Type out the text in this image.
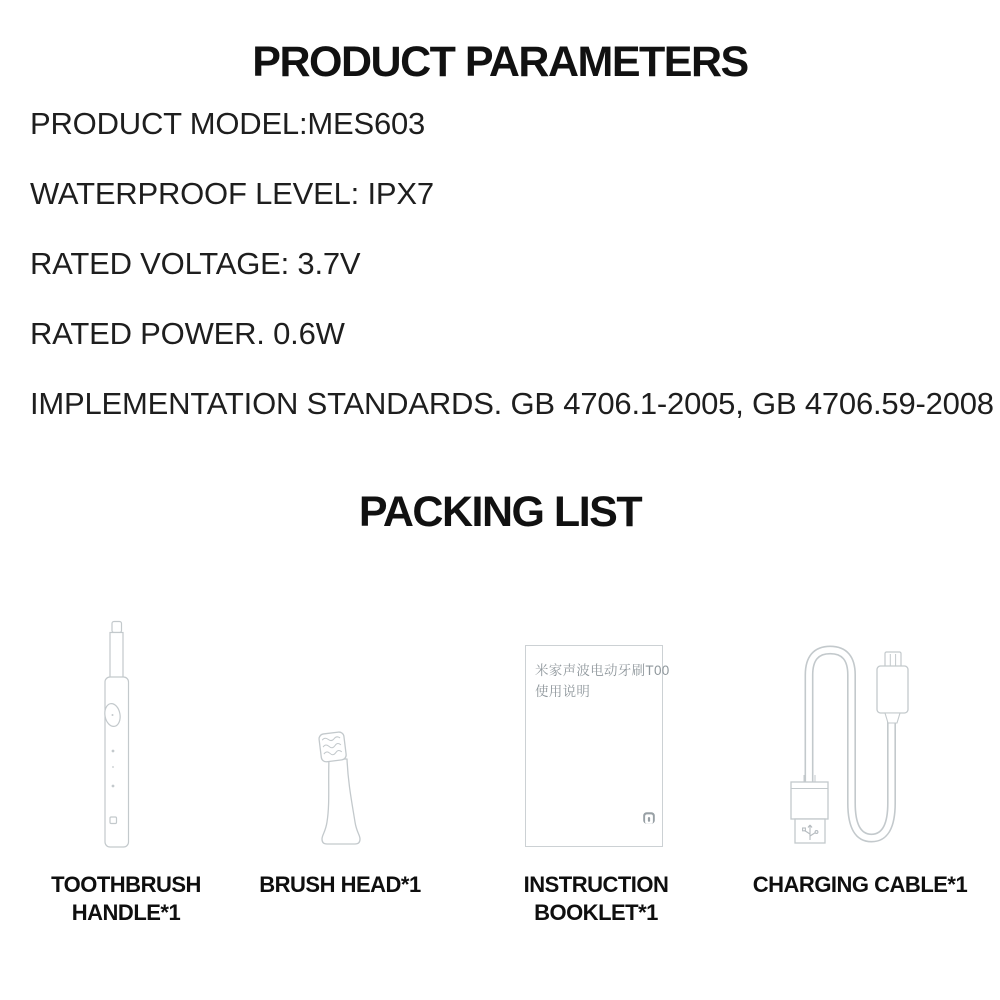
PRODUCT PARAMETERS
PRODUCT MODEL:MES603
WATERPROOF LEVEL: IPX7
RATED VOLTAGE: 3.7V
RATED POWER. 0.6W
IMPLEMENTATION STANDARDS. GB 4706.1-2005, GB 4706.59-2008
PACKING LIST
TOOTHBRUSH
HANDLE*1
BRUSH HEAD*1
米家声波电动牙刷T00
使用说明
INSTRUCTION
BOOKLET*1
CHARGING CABLE*1
